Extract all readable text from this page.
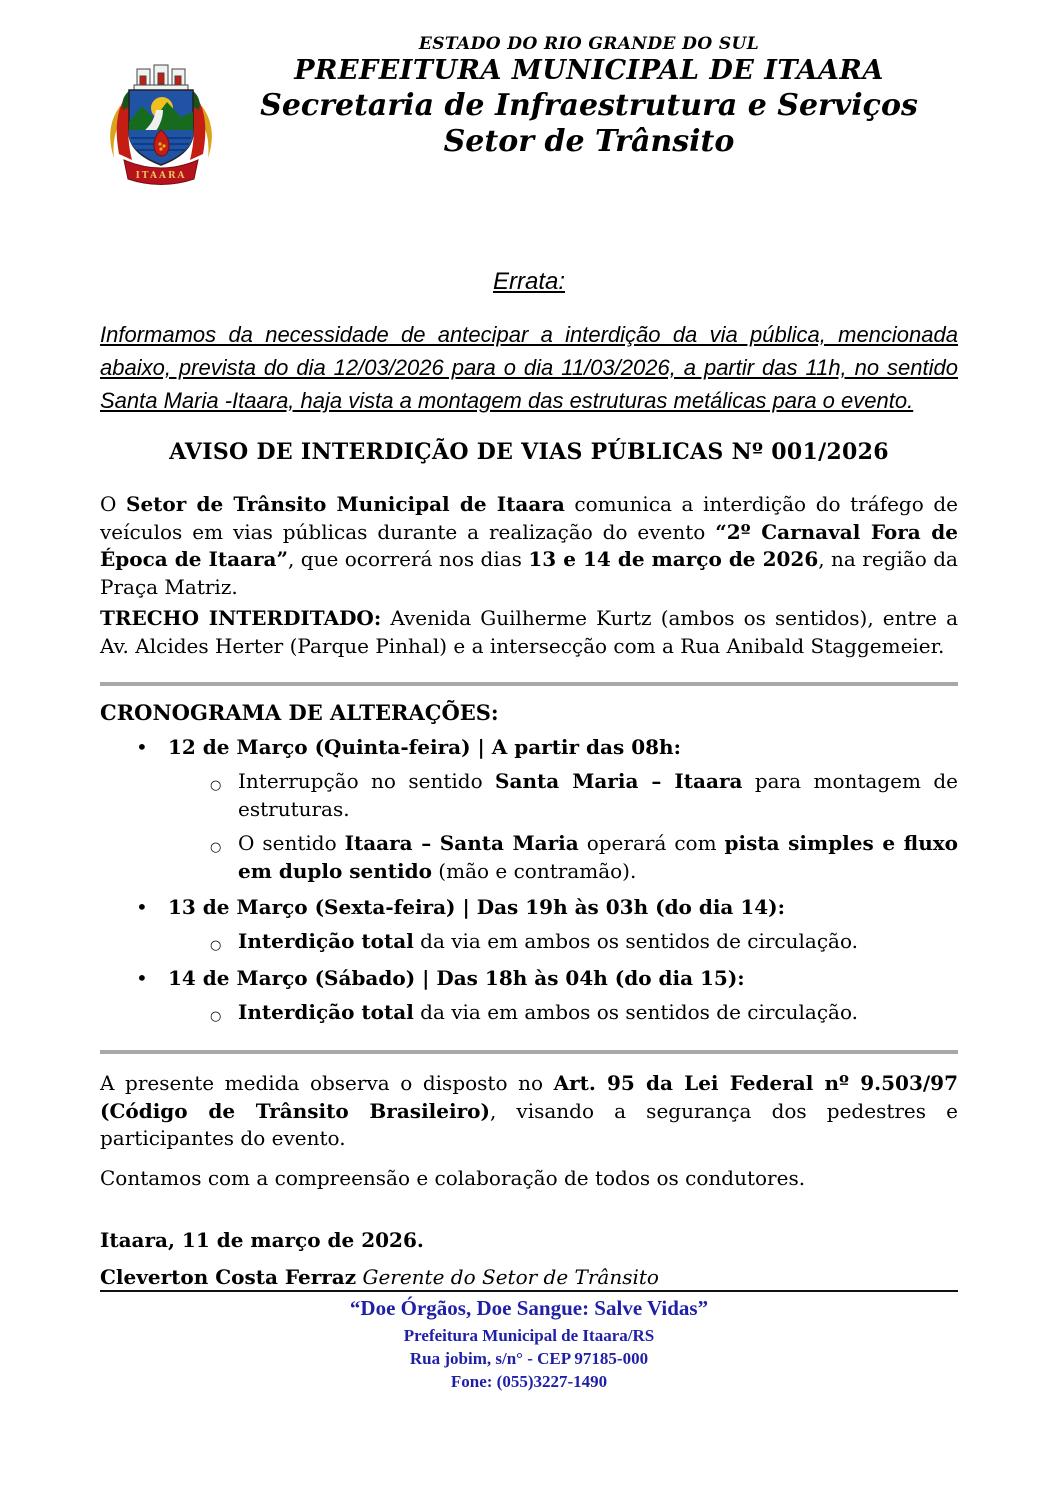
ITAARA
ESTADO DO RIO GRANDE DO SUL
PREFEITURA MUNICIPAL DE ITAARA
Secretaria de Infraestrutura e Serviços
Setor de Trânsito
Errata:

Informamos da necessidade de antecipar a interdição da via pública, mencionada abaixo, prevista do dia 12/03/2026 para o dia 11/03/2026, a partir das 11h, no sentido Santa Maria -Itaara, haja vista a montagem das estruturas metálicas para o evento.

AVISO DE INTERDIÇÃO DE VIAS PÚBLICAS Nº 001/2026

O Setor de Trânsito Municipal de Itaara comunica a interdição do tráfego de veículos em vias públicas durante a realização do evento “2º Carnaval Fora de Época de Itaara”, que ocorrerá nos dias 13 e 14 de março de 2026, na região da Praça Matriz.

TRECHO INTERDITADO: Avenida Guilherme Kurtz (ambos os sentidos), entre a Av. Alcides Herter (Parque Pinhal) e a intersecção com a Rua Anibald Staggemeier.

CRONOGRAMA DE ALTERAÇÕES:

• 12 de Março (Quinta-feira) | A partir das 08h:
○ Interrupção no sentido Santa Maria – Itaara para montagem de estruturas.
○ O sentido Itaara – Santa Maria operará com pista simples e fluxo em duplo sentido (mão e contramão).
• 13 de Março (Sexta-feira) | Das 19h às 03h (do dia 14):
○ Interdição total da via em ambos os sentidos de circulação.
• 14 de Março (Sábado) | Das 18h às 04h (do dia 15):
○ Interdição total da via em ambos os sentidos de circulação.

A presente medida observa o disposto no Art. 95 da Lei Federal nº 9.503/97 (Código de Trânsito Brasileiro), visando a segurança dos pedestres e participantes do evento.

Contamos com a compreensão e colaboração de todos os condutores.

Itaara, 11 de março de 2026.
Cleverton Costa Ferraz Gerente do Setor de Trânsito
“Doe Órgãos, Doe Sangue: Salve Vidas”
Prefeitura Municipal de Itaara/RS
Rua jobim, s/n° - CEP 97185-000
Fone: (055)3227-1490
